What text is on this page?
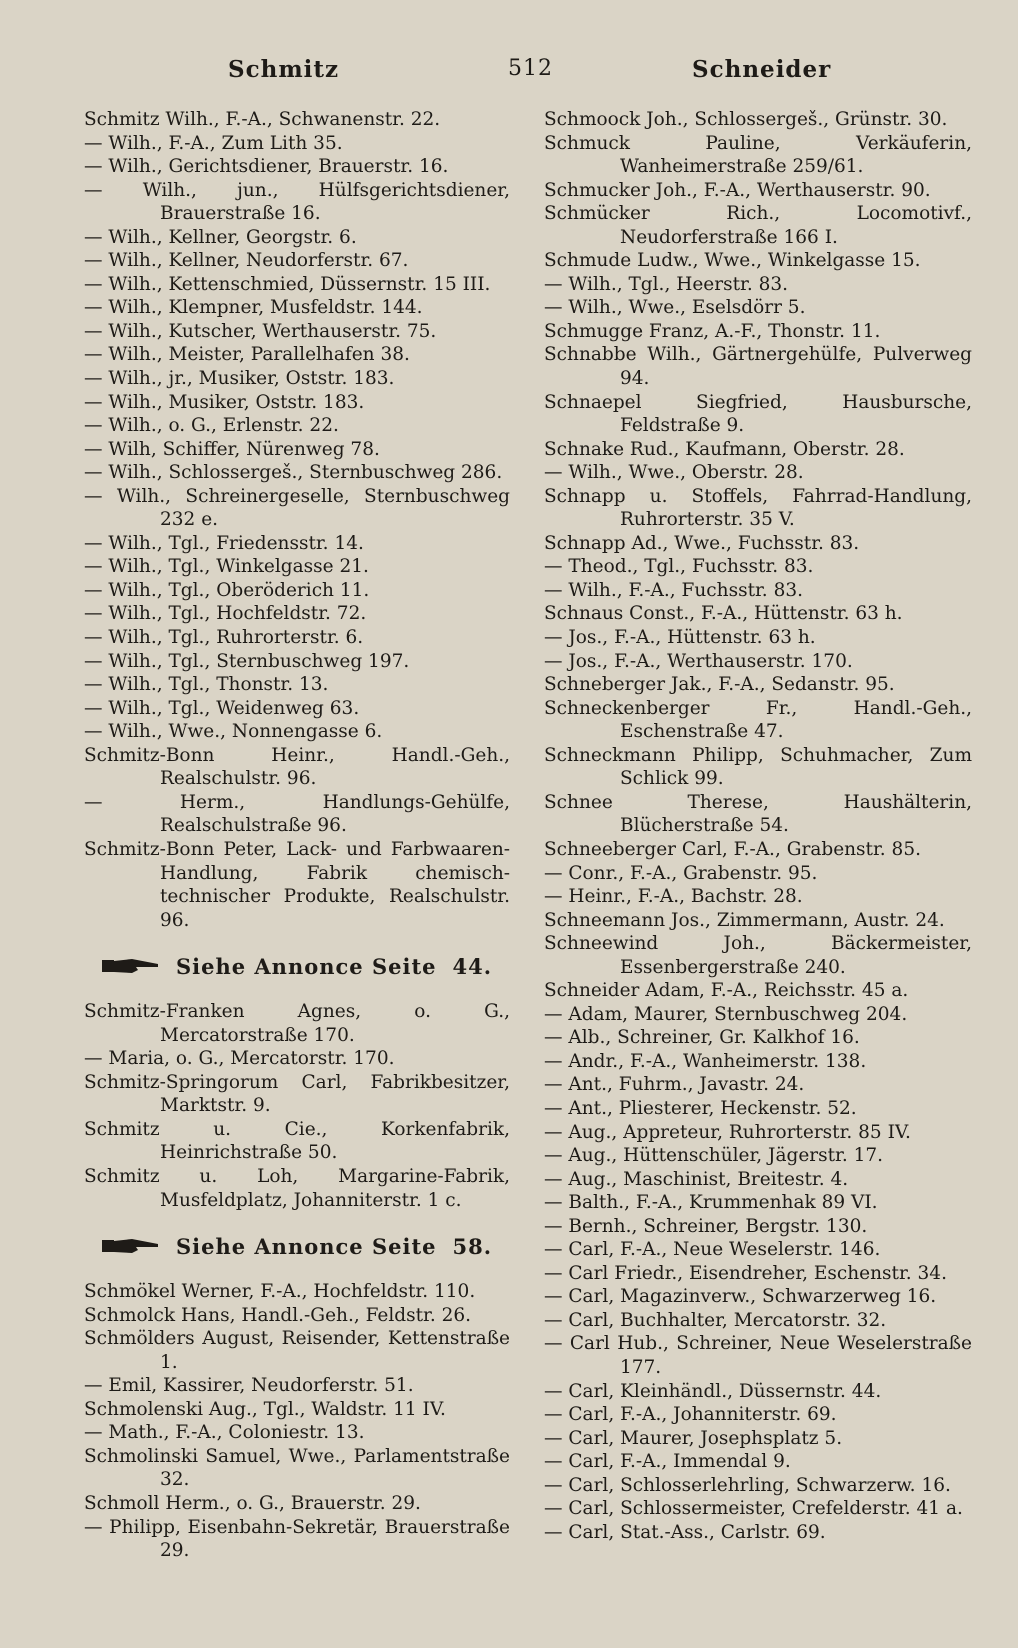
Schmitz	512	Schneider
Schmitz Wilh., F.-A., Schwanenstr. 22.
— Wilh., F.-A., Zum Lith 35.
— Wilh., Gerichtsdiener, Brauerstr. 16.
— Wilh., jun., Hülfsgerichtsdiener, Brauerstraße 16.
— Wilh., Kellner, Georgstr. 6.
— Wilh., Kellner, Neudorferstr. 67.
— Wilh., Kettenschmied, Düssernstr. 15 III.
— Wilh., Klempner, Musfeldstr. 144.
— Wilh., Kutscher, Werthauserstr. 75.
— Wilh., Meister, Parallelhafen 38.
— Wilh., jr., Musiker, Oststr. 183.
— Wilh., Musiker, Oststr. 183.
— Wilh., o. G., Erlenstr. 22.
— Wilh, Schiffer, Nürenweg 78.
— Wilh., Schlossergeš., Sternbuschweg 286.
— Wilh., Schreinergeselle, Sternbuschweg 232 e.
— Wilh., Tgl., Friedensstr. 14.
— Wilh., Tgl., Winkelgasse 21.
— Wilh., Tgl., Oberöderich 11.
— Wilh., Tgl., Hochfeldstr. 72.
— Wilh., Tgl., Ruhrorterstr. 6.
— Wilh., Tgl., Sternbuschweg 197.
— Wilh., Tgl., Thonstr. 13.
— Wilh., Tgl., Weidenweg 63.
— Wilh., Wwe., Nonnengasse 6.
Schmitz-Bonn Heinr., Handl.-Geh., Realschulstr. 96.
— Herm., Handlungs-Gehülfe, Realschulstraße 96.
Schmitz-Bonn Peter, Lack- und Farbwaaren-Handlung, Fabrik chemisch-technischer Produkte, Realschulstr. 96.
Siehe Annonce Seite 44.
Schmitz-Franken Agnes, o. G., Mercatorstraße 170.
— Maria, o. G., Mercatorstr. 170.
Schmitz-Springorum Carl, Fabrikbesitzer, Marktstr. 9.
Schmitz u. Cie., Korkenfabrik, Heinrichstraße 50.
Schmitz u. Loh, Margarine-Fabrik, Musfeldplatz, Johanniterstr. 1 c.
Siehe Annonce Seite 58.
Schmökel Werner, F.-A., Hochfeldstr. 110.
Schmolck Hans, Handl.-Geh., Feldstr. 26.
Schmölders August, Reisender, Kettenstraße 1.
— Emil, Kassirer, Neudorferstr. 51.
Schmolenski Aug., Tgl., Waldstr. 11 IV.
— Math., F.-A., Coloniestr. 13.
Schmolinski Samuel, Wwe., Parlamentstraße 32.
Schmoll Herm., o. G., Brauerstr. 29.
— Philipp, Eisenbahn-Sekretär, Brauerstraße 29.
Schmoock Joh., Schlossergeš., Grünstr. 30.
Schmuck Pauline, Verkäuferin, Wanheimerstraße 259/61.
Schmucker Joh., F.-A., Werthauserstr. 90.
Schmücker Rich., Locomotivf., Neudorferstraße 166 I.
Schmude Ludw., Wwe., Winkelgasse 15.
— Wilh., Tgl., Heerstr. 83.
— Wilh., Wwe., Eselsdörr 5.
Schmugge Franz, A.-F., Thonstr. 11.
Schnabbe Wilh., Gärtnergehülfe, Pulverweg 94.
Schnaepel Siegfried, Hausbursche, Feldstraße 9.
Schnake Rud., Kaufmann, Oberstr. 28.
— Wilh., Wwe., Oberstr. 28.
Schnapp u. Stoffels, Fahrrad-Handlung, Ruhrorterstr. 35 V.
Schnapp Ad., Wwe., Fuchsstr. 83.
— Theod., Tgl., Fuchsstr. 83.
— Wilh., F.-A., Fuchsstr. 83.
Schnaus Const., F.-A., Hüttenstr. 63 h.
— Jos., F.-A., Hüttenstr. 63 h.
— Jos., F.-A., Werthauserstr. 170.
Schneberger Jak., F.-A., Sedanstr. 95.
Schneckenberger Fr., Handl.-Geh., Eschenstraße 47.
Schneckmann Philipp, Schuhmacher, Zum Schlick 99.
Schnee Therese, Haushälterin, Blücherstraße 54.
Schneeberger Carl, F.-A., Grabenstr. 85.
— Conr., F.-A., Grabenstr. 95.
— Heinr., F.-A., Bachstr. 28.
Schneemann Jos., Zimmermann, Austr. 24.
Schneewind Joh., Bäckermeister, Essenbergerstraße 240.
Schneider Adam, F.-A., Reichsstr. 45 a.
— Adam, Maurer, Sternbuschweg 204.
— Alb., Schreiner, Gr. Kalkhof 16.
— Andr., F.-A., Wanheimerstr. 138.
— Ant., Fuhrm., Javastr. 24.
— Ant., Pliesterer, Heckenstr. 52.
— Aug., Appreteur, Ruhrorterstr. 85 IV.
— Aug., Hüttenschüler, Jägerstr. 17.
— Aug., Maschinist, Breitestr. 4.
— Balth., F.-A., Krummenhak 89 VI.
— Bernh., Schreiner, Bergstr. 130.
— Carl, F.-A., Neue Weselerstr. 146.
— Carl Friedr., Eisendreher, Eschenstr. 34.
— Carl, Magazinverw., Schwarzerweg 16.
— Carl, Buchhalter, Mercatorstr. 32.
— Carl Hub., Schreiner, Neue Weselerstraße 177.
— Carl, Kleinhändl., Düssernstr. 44.
— Carl, F.-A., Johanniterstr. 69.
— Carl, Maurer, Josephsplatz 5.
— Carl, F.-A., Immendal 9.
— Carl, Schlosserlehrling, Schwarzerw. 16.
— Carl, Schlossermeister, Crefelderstr. 41 a.
— Carl, Stat.-Ass., Carlstr. 69.
